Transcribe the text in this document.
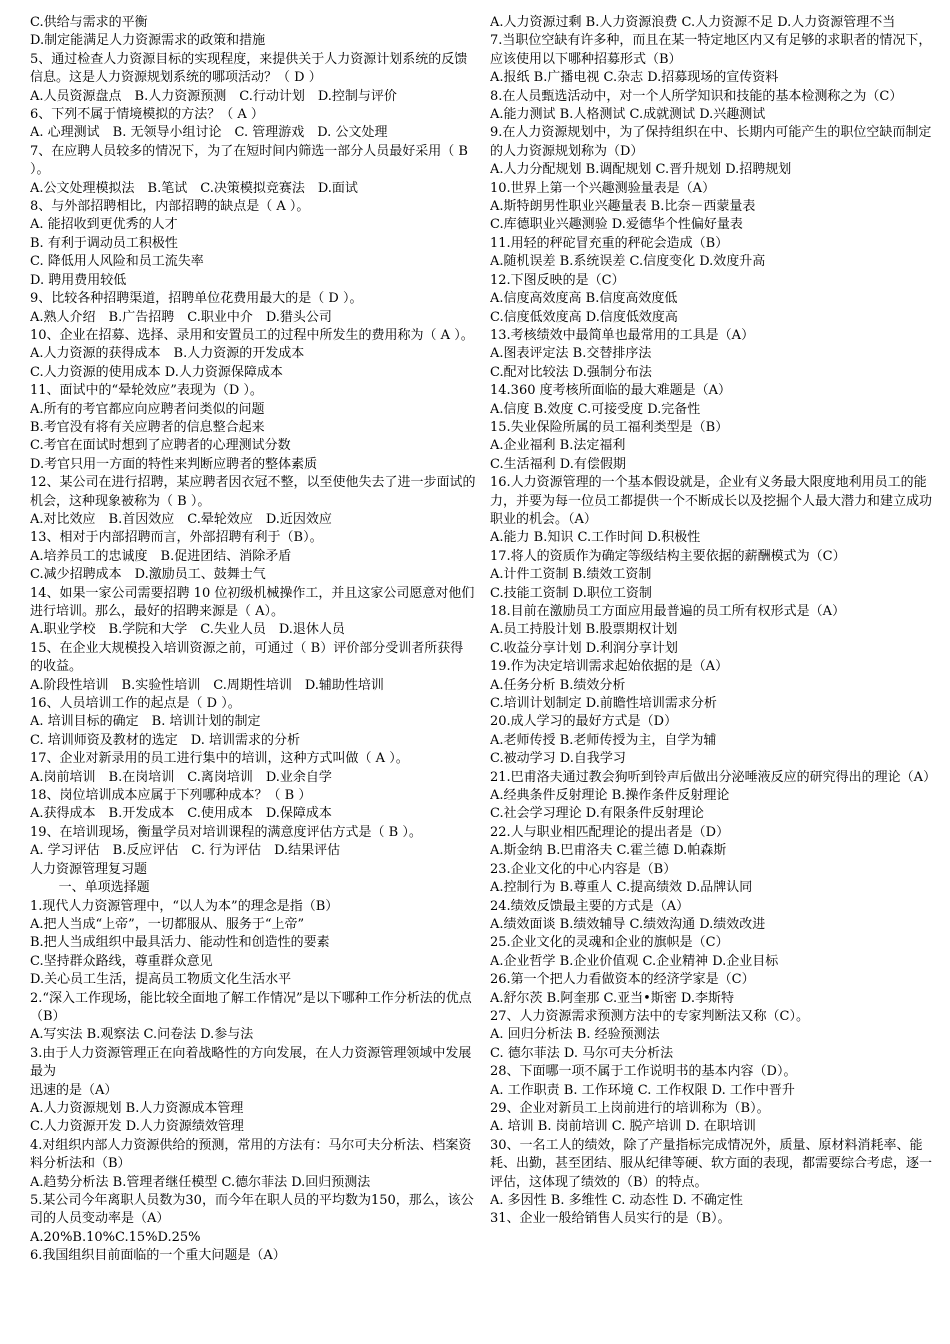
C.供给与需求的平衡

D.制定能满足人力资源需求的政策和措施

5、通过检查人力资源目标的实现程度，来提供关于人力资源计划系统的反馈信息。这是人力资源规划系统的哪项活动？（ D ）

A.人员资源盘点　B.人力资源预测　C.行动计划　D.控制与评价

6、下列不属于情境模拟的方法？（ A ）

A. 心理测试　B. 无领导小组讨论　C. 管理游戏　D. 公文处理

7、在应聘人员较多的情况下，为了在短时间内筛选一部分人员最好采用（ B ）。

A.公文处理模拟法　B.笔试　C.决策模拟竞赛法　D.面试

8、与外部招聘相比，内部招聘的缺点是（ A ）。

A. 能招收到更优秀的人才

B. 有利于调动员工积极性

C. 降低用人风险和员工流失率

D. 聘用费用较低

9、比较各种招聘渠道，招聘单位花费用最大的是（ D ）。

A.熟人介绍　B.广告招聘　C.职业中介　D.猎头公司

10、企业在招募、选择、录用和安置员工的过程中所发生的费用称为（ A ）。

A.人力资源的获得成本　B.人力资源的开发成本

C.人力资源的使用成本 D.人力资源保障成本

11、面试中的“晕轮效应”表现为（D ）。

A.所有的考官都应向应聘者问类似的问题

B.考官没有将有关应聘者的信息整合起来

C.考官在面试时想到了应聘者的心理测试分数

D.考官只用一方面的特性来判断应聘者的整体素质

12、某公司在进行招聘，某应聘者因衣冠不整，以至使他失去了进一步面试的机会，这种现象被称为（ B ）。

A.对比效应　B.首因效应　C.晕轮效应　D.近因效应

13、相对于内部招聘而言，外部招聘有利于（B）。

A.培养员工的忠诚度　B.促进团结、消除矛盾

C.减少招聘成本　D.激励员工、鼓舞士气

14、如果一家公司需要招聘 10 位初级机械操作工，并且这家公司愿意对他们进行培训。那么，最好的招聘来源是（ A）。

A.职业学校　B.学院和大学　C.失业人员　D.退休人员

15、在企业大规模投入培训资源之前，可通过（ B）评价部分受训者所获得的收益。

A.阶段性培训　B.实验性培训　C.周期性培训　D.辅助性培训

16、人员培训工作的起点是（ D ）。

A. 培训目标的确定　B. 培训计划的制定

C. 培训师资及教材的选定　D. 培训需求的分析

17、企业对新录用的员工进行集中的培训，这种方式叫做（ A ）。

A.岗前培训　B.在岗培训　C.离岗培训　D.业余自学

18、岗位培训成本应属于下列哪种成本？（ B ）

A.获得成本　B.开发成本　C.使用成本　D.保障成本

19、在培训现场，衡量学员对培训课程的满意度评估方式是（ B ）。

A. 学习评估　B.反应评估　C. 行为评估　D.结果评估

人力资源管理复习题

一、单项选择题

1.现代人力资源管理中，“以人为本”的理念是指（B）

A.把人当成“上帝”，一切都服从、服务于“上帝”

B.把人当成组织中最具活力、能动性和创造性的要素

C.坚持群众路线，尊重群众意见

D.关心员工生活，提高员工物质文化生活水平

2.“深入工作现场，能比较全面地了解工作情况”是以下哪种工作分析法的优点（B）

A.写实法 B.观察法 C.问卷法 D.参与法

3.由于人力资源管理正在向着战略性的方向发展，在人力资源管理领域中发展最为

迅速的是（A）

A.人力资源规划 B.人力资源成本管理

C.人力资源开发 D.人力资源绩效管理

4.对组织内部人力资源供给的预测，常用的方法有：马尔可夫分析法、档案资料分析法和（B）

A.趋势分析法 B.管理者继任模型 C.德尔菲法 D.回归预测法

5.某公司今年离职人员数为30，而今年在职人员的平均数为150，那么，该公司的人员变动率是（A）

A.20%B.10%C.15%D.25%

6.我国组织目前面临的一个重大问题是（A）

A.人力资源过剩 B.人力资源浪费 C.人力资源不足 D.人力资源管理不当

7.当职位空缺有许多种，而且在某一特定地区内又有足够的求职者的情况下，应该使用以下哪种招募形式（B）

A.报纸 B.广播电视 C.杂志 D.招募现场的宣传资料

8.在人员甄选活动中，对一个人所学知识和技能的基本检测称之为（C）

A.能力测试 B.人格测试 C.成就测试 D.兴趣测试

9.在人力资源规划中，为了保持组织在中、长期内可能产生的职位空缺而制定的人力资源规划称为（D）

A.人力分配规划 B.调配规划 C.晋升规划 D.招聘规划

10.世界上第一个兴趣测验量表是（A）

A.斯特朗男性职业兴趣量表 B.比奈－西蒙量表

C.库德职业兴趣测验 D.爱德华个性偏好量表

11.用轻的秤砣冒充重的秤砣会造成（B）

A.随机误差 B.系统误差 C.信度变化 D.效度升高

12.下图反映的是（C）

A.信度高效度高 B.信度高效度低

C.信度低效度高 D.信度低效度高

13.考核绩效中最简单也最常用的工具是（A）

A.图表评定法 B.交替排序法

C.配对比较法 D.强制分布法

14.360 度考核所面临的最大难题是（A）

A.信度 B.效度 C.可接受度 D.完备性

15.失业保险所属的员工福利类型是（B）

A.企业福利 B.法定福利

C.生活福利 D.有偿假期

16.人力资源管理的一个基本假设就是，企业有义务最大限度地利用员工的能力，并要为每一位员工都提供一个不断成长以及挖掘个人最大潜力和建立成功职业的机会。（A）

A.能力 B.知识 C.工作时间 D.积极性

17.将人的资质作为确定等级结构主要依据的薪酬模式为（C）

A.计件工资制 B.绩效工资制

C.技能工资制 D.职位工资制

18.目前在激励员工方面应用最普遍的员工所有权形式是（A）

A.员工持股计划 B.股票期权计划

C.收益分享计划 D.利润分享计划

19.作为决定培训需求起始依据的是（A）

A.任务分析 B.绩效分析

C.培训计划制定 D.前瞻性培训需求分析

20.成人学习的最好方式是（D）

A.老师传授 B.老师传授为主，自学为辅

C.被动学习 D.自我学习

21.巴甫洛夫通过教会狗听到铃声后做出分泌唾液反应的研究得出的理论（A）

A.经典条件反射理论 B.操作条件反射理论

C.社会学习理论 D.有限条件反射理论

22.人与职业相匹配理论的提出者是（D）

A.斯金纳 B.巴甫洛夫 C.霍兰德 D.帕森斯

23.企业文化的中心内容是（B）

A.控制行为 B.尊重人 C.提高绩效 D.品牌认同

24.绩效反馈最主要的方式是（A）

A.绩效面谈 B.绩效辅导 C.绩效沟通 D.绩效改进

25.企业文化的灵魂和企业的旗帜是（C）

A.企业哲学 B.企业价值观 C.企业精神 D.企业目标

26.第一个把人力看做资本的经济学家是（C）

A.舒尔茨 B.阿奎那 C.亚当•斯密 D.李斯特

27、人力资源需求预测方法中的专家判断法又称（C）。

A. 回归分析法 B. 经验预测法

C. 德尔菲法 D. 马尔可夫分析法

28、下面哪一项不属于工作说明书的基本内容（D）。

A. 工作职责 B. 工作环境 C. 工作权限 D. 工作中晋升

29、企业对新员工上岗前进行的培训称为（B）。

A. 培训 B. 岗前培训 C. 脱产培训 D. 在职培训

30、一名工人的绩效，除了产量指标完成情况外，质量、原材料消耗率、能耗、出勤，甚至团结、服从纪律等硬、软方面的表现，都需要综合考虑，逐一评估，这体现了绩效的（B）的特点。

A. 多因性 B. 多维性 C. 动态性 D. 不确定性

31、企业一般给销售人员实行的是（B）。
